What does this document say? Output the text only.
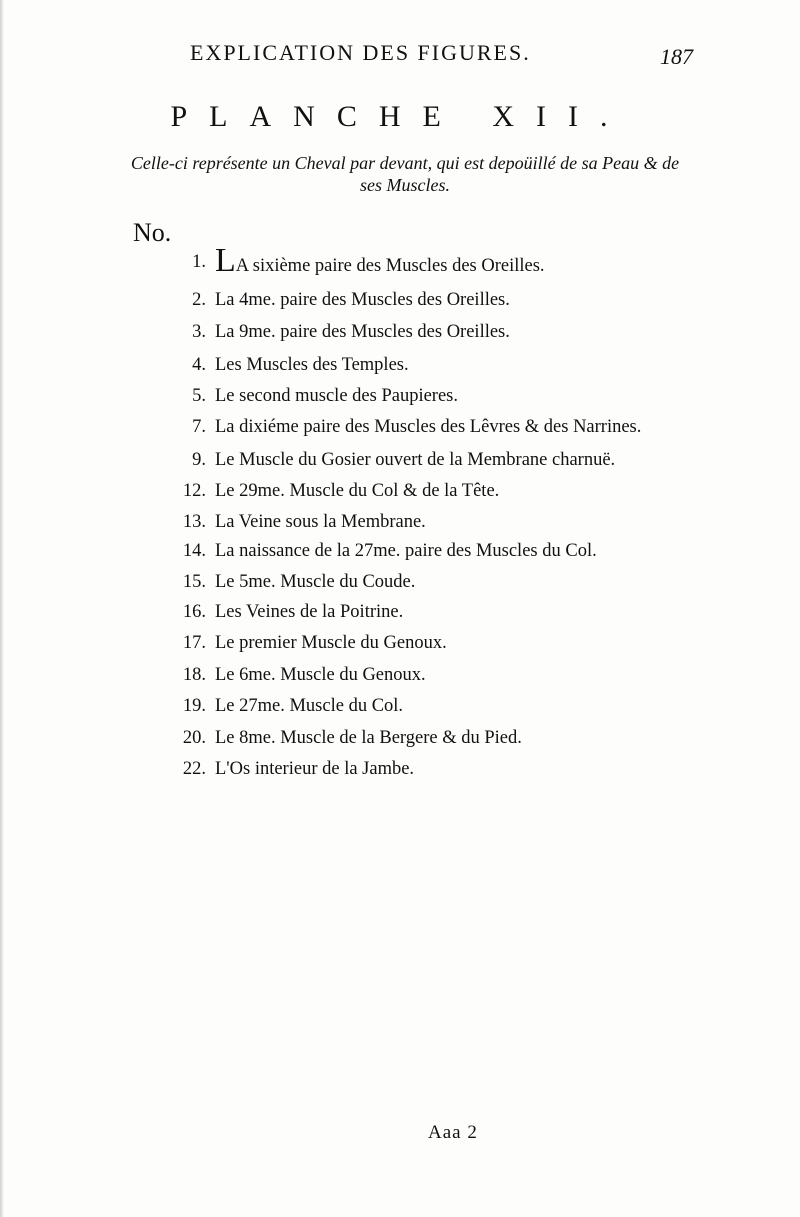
EXPLICATION DES FIGURES.	187
PLANCHE XII.
Celle-ci représente un Cheval par devant, qui est depoüillé de sa Peau & de ses Muscles.
No.
1. LA sixième paire des Muscles des Oreilles.
2. La 4me. paire des Muscles des Oreilles.
3. La 9me. paire des Muscles des Oreilles.
4. Les Muscles des Temples.
5. Le second muscle des Paupieres.
7. La dixiéme paire des Muscles des Lêvres & des Narrines.
9. Le Muscle du Gosier ouvert de la Membrane charnuë.
12. Le 29me. Muscle du Col & de la Tête.
13. La Veine sous la Membrane.
14. La naissance de la 27me. paire des Muscles du Col.
15. Le 5me. Muscle du Coude.
16. Les Veines de la Poitrine.
17. Le premier Muscle du Genoux.
18. Le 6me. Muscle du Genoux.
19. Le 27me. Muscle du Col.
20. Le 8me. Muscle de la Bergere & du Pied.
22. L'Os interieur de la Jambe.
Aaa 2
